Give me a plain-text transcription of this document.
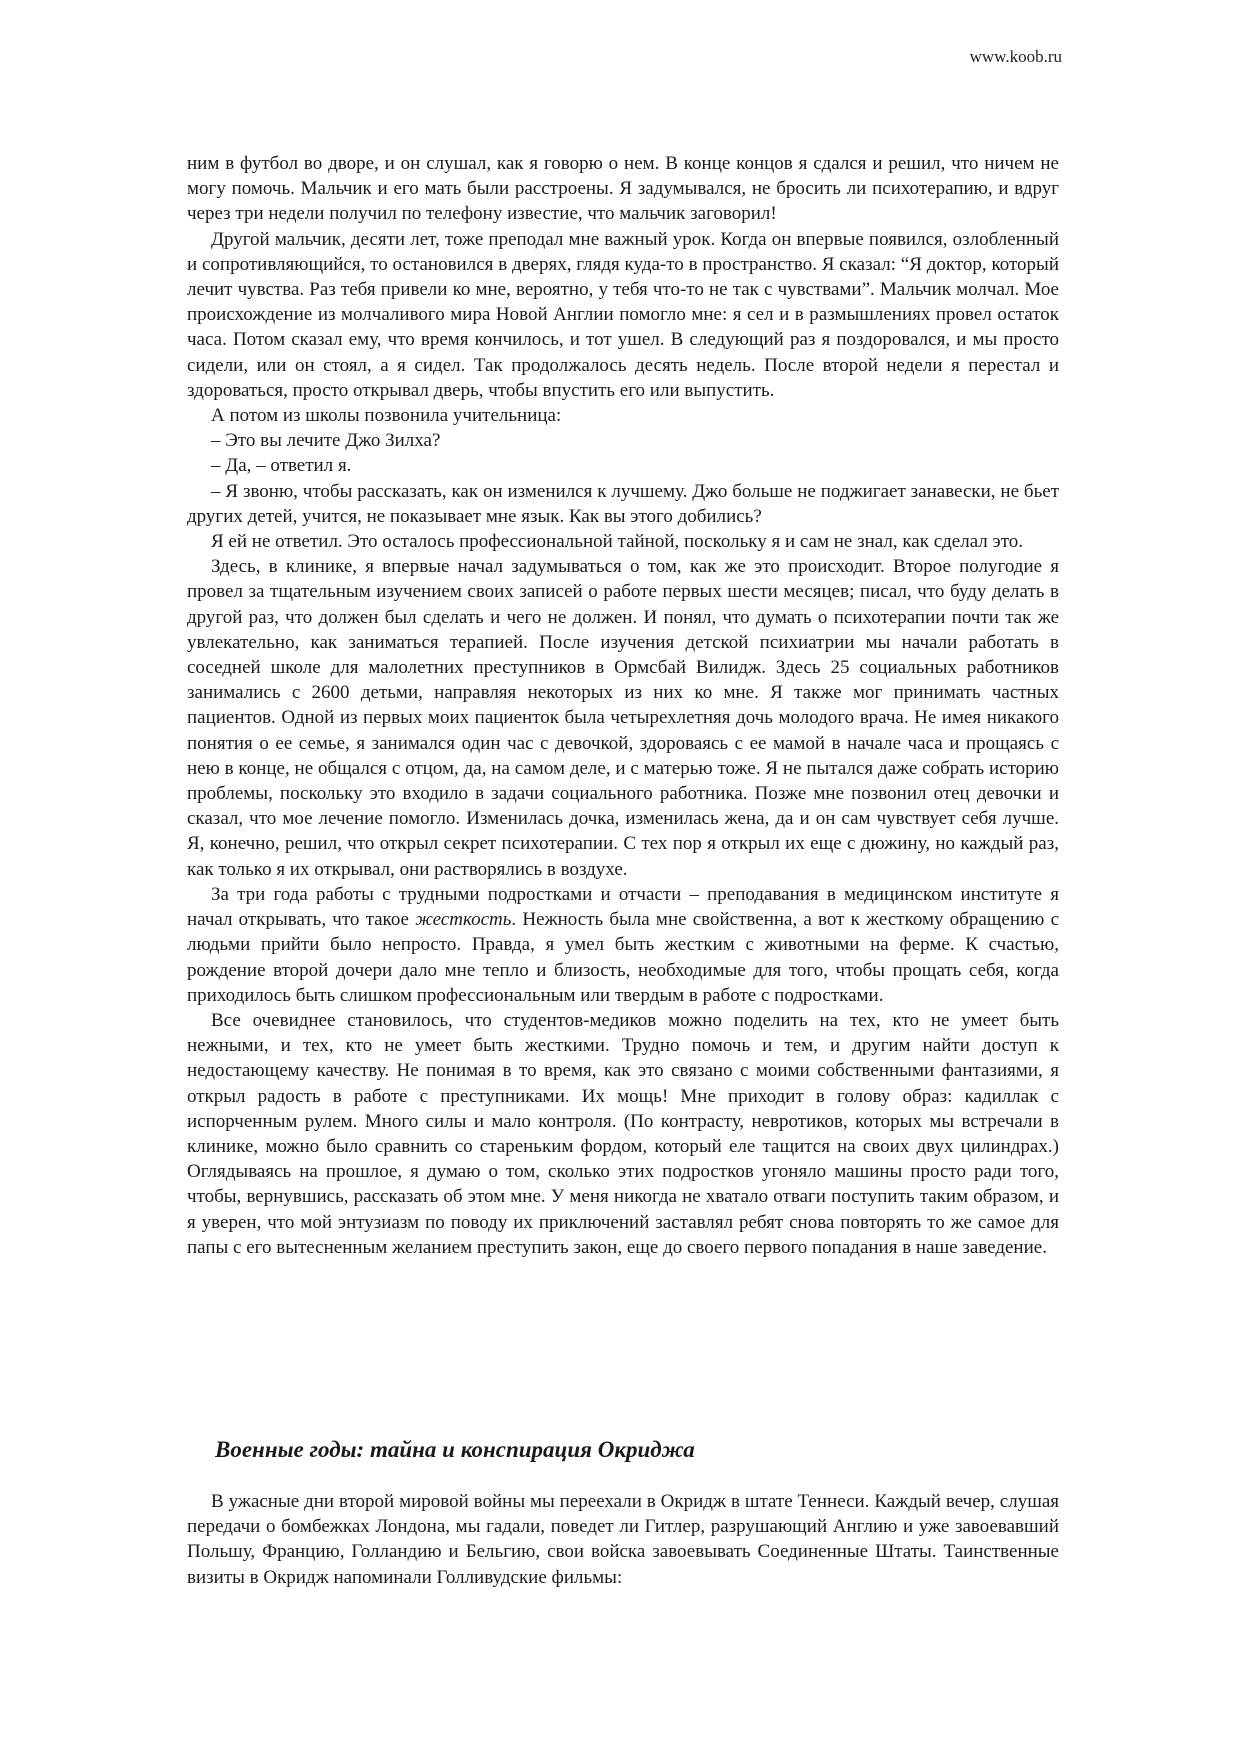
www.koob.ru

ним в футбол во дворе, и он слушал, как я говорю о нем. В конце концов я сдался и решил, что ничем не могу помочь. Мальчик и его мать были расстроены. Я задумывался, не бросить ли психотерапию, и вдруг через три недели получил по телефону известие, что мальчик заговорил!

Другой мальчик, десяти лет, тоже преподал мне важный урок. Когда он впервые появился, озлобленный и сопротивляющийся, то остановился в дверях, глядя куда-то в пространство. Я сказал: “Я доктор, который лечит чувства. Раз тебя привели ко мне, вероятно, у тебя что-то не так с чувствами”. Мальчик молчал. Мое происхождение из молчаливого мира Новой Англии помогло мне: я сел и в размышлениях провел остаток часа. Потом сказал ему, что время кончилось, и тот ушел. В следующий раз я поздоровался, и мы просто сидели, или он стоял, а я сидел. Так продолжалось десять недель. После второй недели я перестал и здороваться, просто открывал дверь, чтобы впустить его или выпустить.

А потом из школы позвонила учительница:

– Это вы лечите Джо Зилха?

– Да, – ответил я.

– Я звоню, чтобы рассказать, как он изменился к лучшему. Джо больше не поджигает занавески, не бьет других детей, учится, не показывает мне язык. Как вы этого добились?

Я ей не ответил. Это осталось профессиональной тайной, поскольку я и сам не знал, как сделал это.

Здесь, в клинике, я впервые начал задумываться о том, как же это происходит. Второе полугодие я провел за тщательным изучением своих записей о работе первых шести месяцев; писал, что буду делать в другой раз, что должен был сделать и чего не должен. И понял, что думать о психотерапии почти так же увлекательно, как заниматься терапией. После изучения детской психиатрии мы начали работать в соседней школе для малолетних преступников в Ормсбай Вилидж. Здесь 25 социальных работников занимались с 2600 детьми, направляя некоторых из них ко мне. Я также мог принимать частных пациентов. Одной из первых моих пациенток была четырехлетняя дочь молодого врача. Не имея никакого понятия о ее семье, я занимался один час с девочкой, здороваясь с ее мамой в начале часа и прощаясь с нею в конце, не общался с отцом, да, на самом деле, и с матерью тоже. Я не пытался даже собрать историю проблемы, поскольку это входило в задачи социального работника. Позже мне позвонил отец девочки и сказал, что мое лечение помогло. Изменилась дочка, изменилась жена, да и он сам чувствует себя лучше. Я, конечно, решил, что открыл секрет психотерапии. С тех пор я открыл их еще с дюжину, но каждый раз, как только я их открывал, они растворялись в воздухе.

За три года работы с трудными подростками и отчасти – преподавания в медицинском институте я начал открывать, что такое жесткость. Нежность была мне свойственна, а вот к жесткому обращению с людьми прийти было непросто. Правда, я умел быть жестким с животными на ферме. К счастью, рождение второй дочери дало мне тепло и близость, необходимые для того, чтобы прощать себя, когда приходилось быть слишком профессиональным или твердым в работе с подростками.

Все очевиднее становилось, что студентов-медиков можно поделить на тех, кто не умеет быть нежными, и тех, кто не умеет быть жесткими. Трудно помочь и тем, и другим найти доступ к недостающему качеству. Не понимая в то время, как это связано с моими собственными фантазиями, я открыл радость в работе с преступниками. Их мощь! Мне приходит в голову образ: кадиллак с испорченным рулем. Много силы и мало контроля. (По контрасту, невротиков, которых мы встречали в клинике, можно было сравнить со стареньким фордом, который еле тащится на своих двух цилиндрах.) Оглядываясь на прошлое, я думаю о том, сколько этих подростков угоняло машины просто ради того, чтобы, вернувшись, рассказать об этом мне. У меня никогда не хватало отваги поступить таким образом, и я уверен, что мой энтузиазм по поводу их приключений заставлял ребят снова повторять то же самое для папы с его вытесненным желанием преступить закон, еще до своего первого попадания в наше заведение.

Военные годы: тайна и конспирация Окриджа

В ужасные дни второй мировой войны мы переехали в Окридж в штате Теннеси. Каждый вечер, слушая передачи о бомбежках Лондона, мы гадали, поведет ли Гитлер, разрушающий Англию и уже завоевавший Польшу, Францию, Голландию и Бельгию, свои войска завоевывать Соединенные Штаты. Таинственные визиты в Окридж напоминали Голливудские фильмы:
